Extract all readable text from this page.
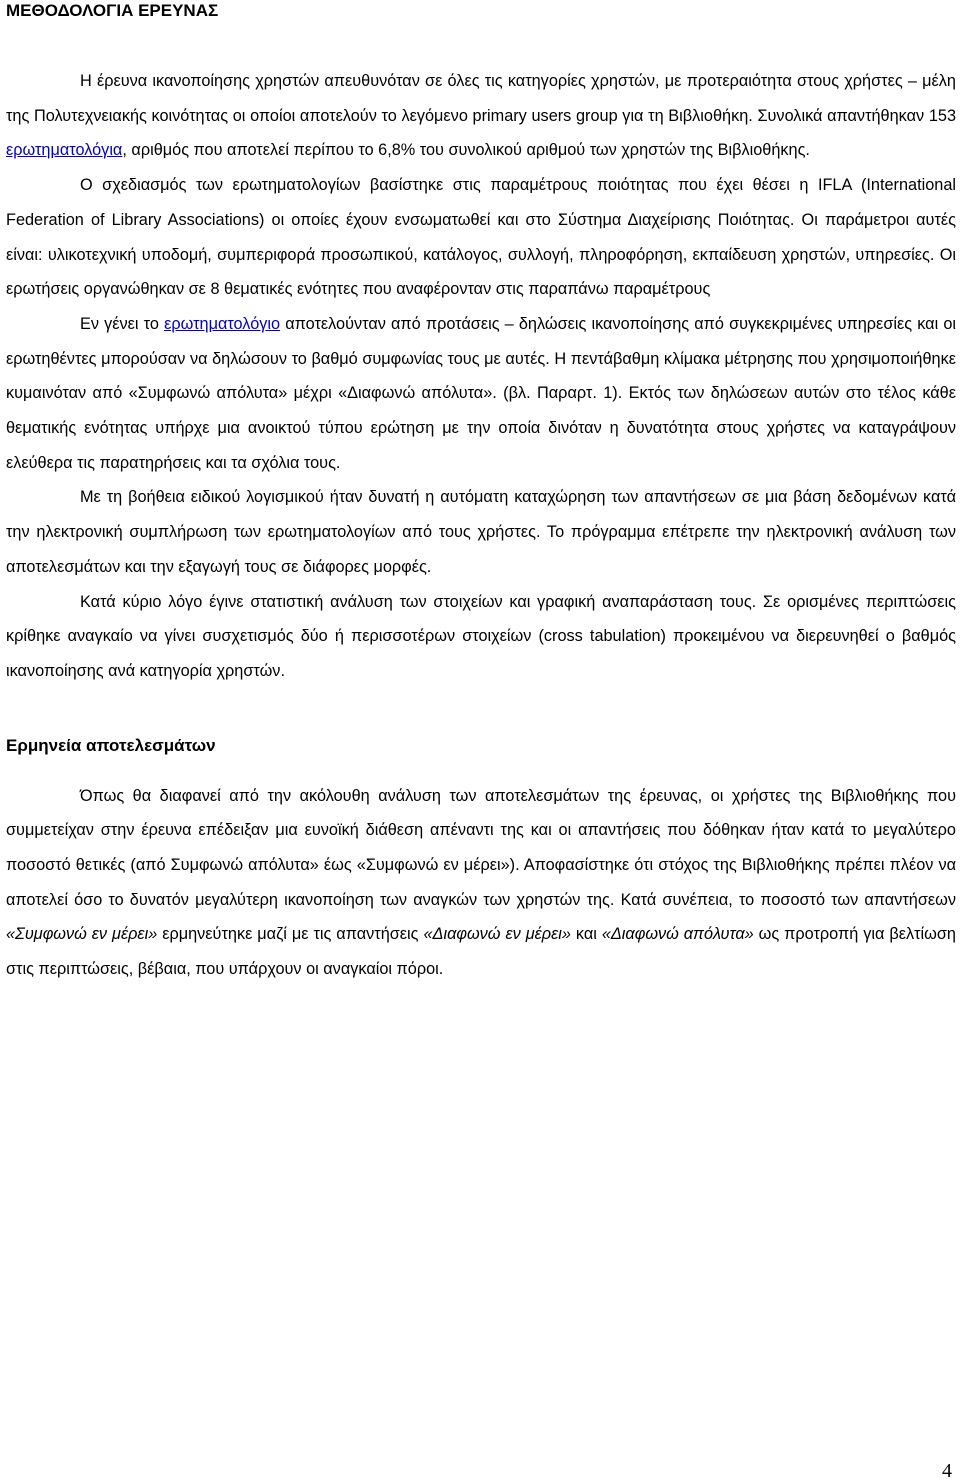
ΜΕΘΟΔΟΛΟΓΙΑ ΕΡΕΥΝΑΣ

Η έρευνα ικανοποίησης χρηστών απευθυνόταν σε όλες τις κατηγορίες χρηστών, με προτεραιότητα στους χρήστες – μέλη της Πολυτεχνειακής κοινότητας οι οποίοι αποτελούν το λεγόμενο primary users group για τη Βιβλιοθήκη. Συνολικά απαντήθηκαν 153 ερωτηματολόγια, αριθμός που αποτελεί περίπου το 6,8% του συνολικού αριθμού των χρηστών της Βιβλιοθήκης.

Ο σχεδιασμός των ερωτηματολογίων βασίστηκε στις παραμέτρους ποιότητας που έχει θέσει η IFLA (International Federation of Library Associations) οι οποίες έχουν ενσωματωθεί και στο Σύστημα Διαχείρισης Ποιότητας. Οι παράμετροι αυτές είναι: υλικοτεχνική υποδομή, συμπεριφορά προσωπικού, κατάλογος, συλλογή, πληροφόρηση, εκπαίδευση χρηστών, υπηρεσίες. Οι ερωτήσεις οργανώθηκαν σε 8 θεματικές ενότητες που αναφέρονταν στις παραπάνω παραμέτρους

Εν γένει το ερωτηματολόγιο αποτελούνταν από προτάσεις – δηλώσεις ικανοποίησης από συγκεκριμένες υπηρεσίες και οι ερωτηθέντες μπορούσαν να δηλώσουν το βαθμό συμφωνίας τους με αυτές. Η πεντάβαθμη κλίμακα μέτρησης που χρησιμοποιήθηκε κυμαινόταν από «Συμφωνώ απόλυτα» μέχρι «Διαφωνώ απόλυτα». (βλ. Παραρτ. 1). Εκτός των δηλώσεων αυτών στο τέλος κάθε θεματικής ενότητας υπήρχε μια ανοικτού τύπου ερώτηση με την οποία δινόταν η δυνατότητα στους χρήστες να καταγράψουν ελεύθερα τις παρατηρήσεις και τα σχόλια τους.

Με τη βοήθεια ειδικού λογισμικού ήταν δυνατή η αυτόματη καταχώρηση των απαντήσεων σε μια βάση δεδομένων κατά την ηλεκτρονική συμπλήρωση των ερωτηματολογίων από τους χρήστες. Το πρόγραμμα επέτρεπε την ηλεκτρονική ανάλυση των αποτελεσμάτων και την εξαγωγή τους σε διάφορες μορφές.

Κατά κύριο λόγο έγινε στατιστική ανάλυση των στοιχείων και γραφική αναπαράσταση τους. Σε ορισμένες περιπτώσεις κρίθηκε αναγκαίο να γίνει συσχετισμός δύο ή περισσοτέρων στοιχείων (cross tabulation) προκειμένου να διερευνηθεί ο βαθμός ικανοποίησης ανά κατηγορία χρηστών.

Ερμηνεία αποτελεσμάτων

Όπως θα διαφανεί από την ακόλουθη ανάλυση των αποτελεσμάτων της έρευνας, οι χρήστες της Βιβλιοθήκης που συμμετείχαν στην έρευνα επέδειξαν μια ευνοϊκή διάθεση απέναντι της και οι απαντήσεις που δόθηκαν ήταν κατά το μεγαλύτερο ποσοστό θετικές (από Συμφωνώ απόλυτα» έως «Συμφωνώ εν μέρει»). Αποφασίστηκε ότι στόχος της Βιβλιοθήκης πρέπει πλέον να αποτελεί όσο το δυνατόν μεγαλύτερη ικανοποίηση των αναγκών των χρηστών της. Κατά συνέπεια, το ποσοστό των απαντήσεων «Συμφωνώ εν μέρει» ερμηνεύτηκε μαζί με τις απαντήσεις «Διαφωνώ εν μέρει» και «Διαφωνώ απόλυτα» ως προτροπή για βελτίωση στις περιπτώσεις, βέβαια, που υπάρχουν οι αναγκαίοι πόροι.

4
